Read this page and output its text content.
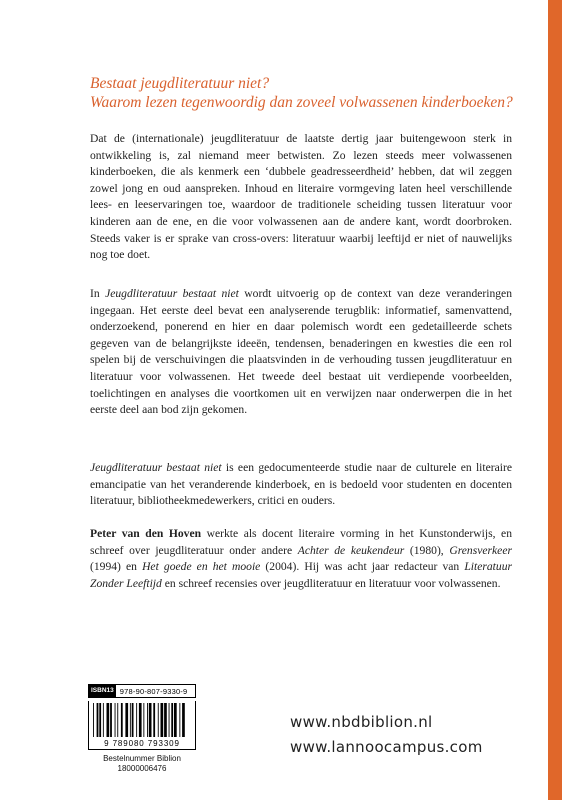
Bestaat jeugdliteratuur niet?
Waarom lezen tegenwoordig dan zoveel volwassenen kinderboeken?

Dat de (internationale) jeugdliteratuur de laatste dertig jaar buitengewoon sterk in ontwikkeling is, zal niemand meer betwisten. Zo lezen steeds meer volwassenen kinderboeken, die als kenmerk een ‘dubbele geadresseerdheid’ hebben, dat wil zeggen zowel jong en oud aanspreken. Inhoud en literaire vormgeving laten heel verschillende lees- en leeservaringen toe, waardoor de traditionele scheiding tussen literatuur voor kinderen aan de ene, en die voor volwassenen aan de andere kant, wordt doorbroken. Steeds vaker is er sprake van cross-overs: literatuur waarbij leeftijd er niet of nauwelijks nog toe doet.

In Jeugdliteratuur bestaat niet wordt uitvoerig op de context van deze veranderingen ingegaan. Het eerste deel bevat een analyserende terugblik: informatief, samenvattend, onderzoekend, ponerend en hier en daar polemisch wordt een gedetailleerde schets gegeven van de belangrijkste ideeën, tendensen, benaderingen en kwesties die een rol spelen bij de verschuivingen die plaatsvinden in de verhouding tussen jeugdliteratuur en literatuur voor volwassenen. Het tweede deel bestaat uit verdiepende voorbeelden, toelichtingen en analyses die voortkomen uit en verwijzen naar onderwerpen die in het eerste deel aan bod zijn gekomen.

Jeugdliteratuur bestaat niet is een gedocumenteerde studie naar de culturele en literaire emancipatie van het veranderende kinderboek, en is bedoeld voor studenten en docenten literatuur, bibliotheekmedewerkers, critici en ouders.

Peter van den Hoven werkte als docent literaire vorming in het Kunstonderwijs, en schreef over jeugdliteratuur onder andere Achter de keukendeur (1980), Grensverkeer (1994) en Het goede en het mooie (2004). Hij was acht jaar redacteur van Literatuur Zonder Leeftijd en schreef recensies over jeugdliteratuur en literatuur voor volwassenen.

ISBN13 978-90-807-9330-9
9 789080 793309
Bestelnummer Biblion
18000006476
www.nbdbiblion.nl
www.lannoocampus.com
